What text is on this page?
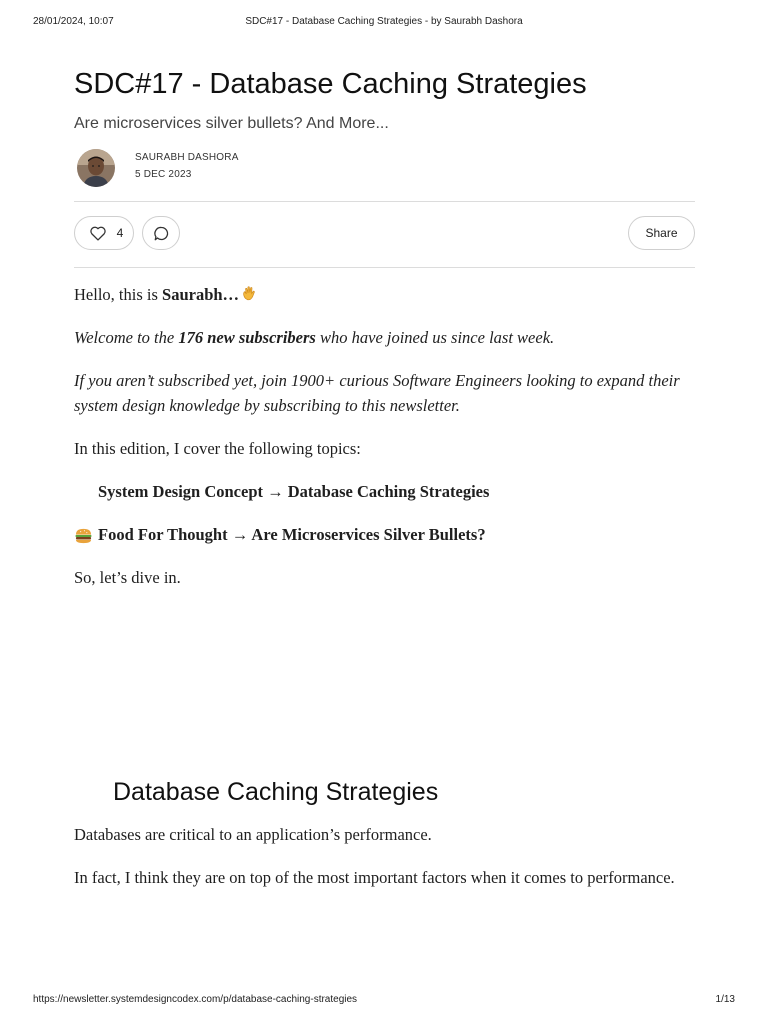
28/01/2024, 10:07	SDC#17 - Database Caching Strategies - by Saurabh Dashora
SDC#17 - Database Caching Strategies

Are microservices silver bullets? And More...

SAURABH DASHORA
5 DEC 2023
4	Share

Hello, this is Saurabh…

Welcome to the 176 new subscribers who have joined us since last week.

If you aren’t subscribed yet, join 1900+ curious Software Engineers looking to expand their system design knowledge by subscribing to this newsletter.

In this edition, I cover the following topics:

System Design Concept → Database Caching Strategies
Food For Thought → Are Microservices Silver Bullets?

So, let’s dive in.

Database Caching Strategies

Databases are critical to an application’s performance.

In fact, I think they are on top of the most important factors when it comes to performance.

https://newsletter.systemdesigncodex.com/p/database-caching-strategies	1/13
